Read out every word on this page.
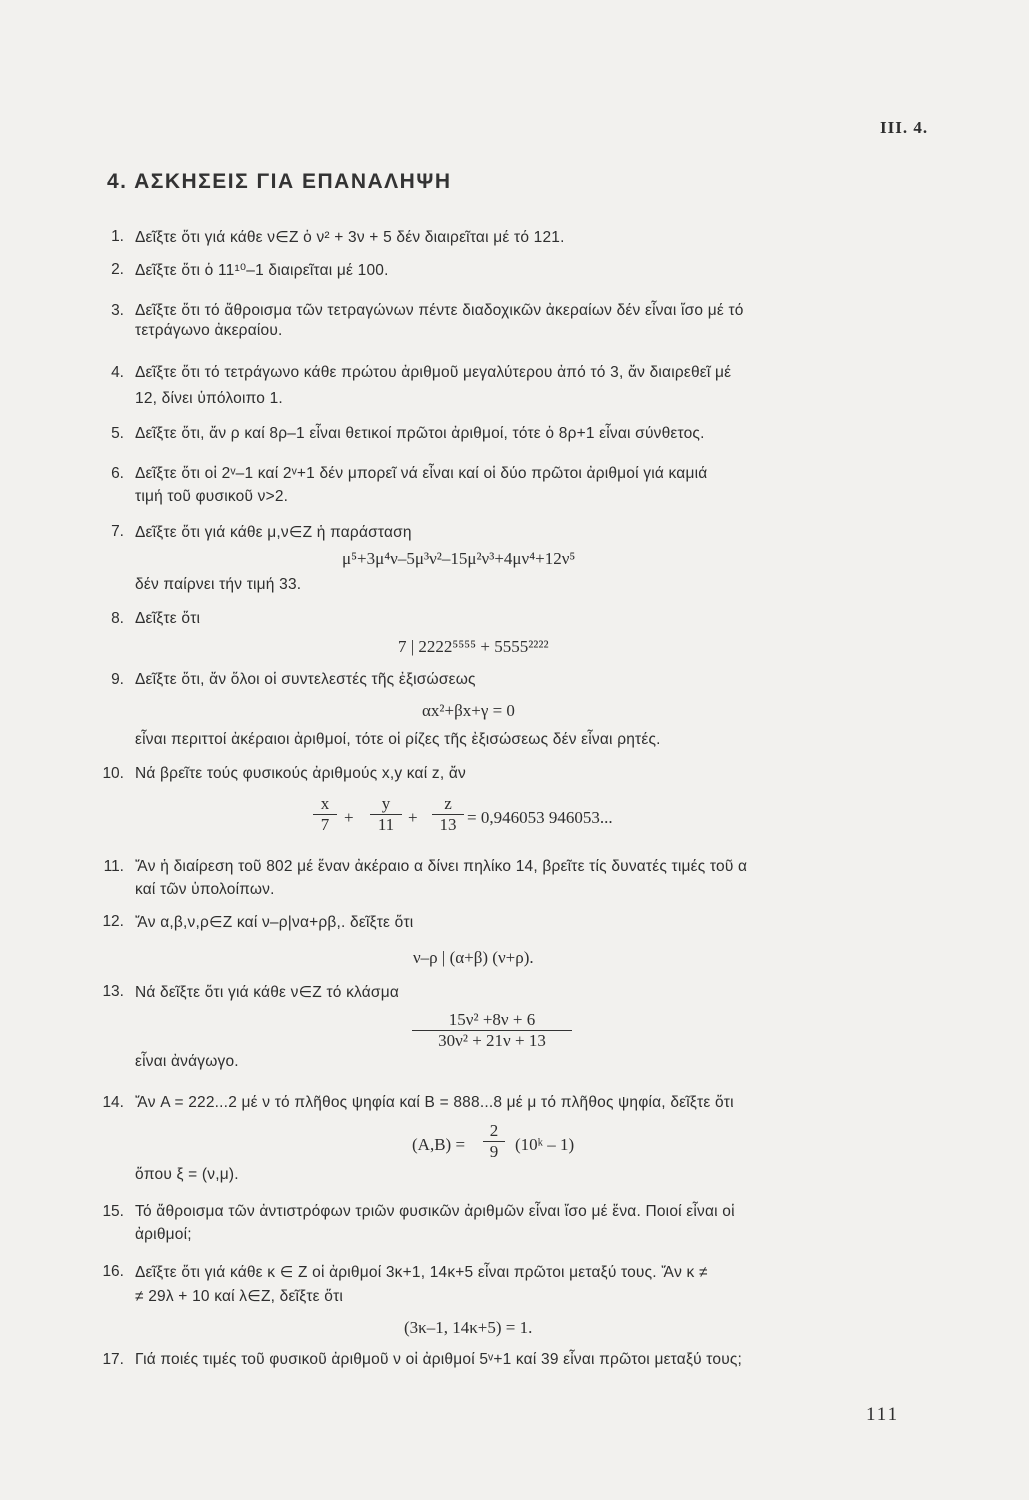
III. 4.
4. ΑΣΚΗΣΕΙΣ ΓΙΑ ΕΠΑΝΑΛΗΨΗ
1. Δεῖξτε ὅτι γιά κάθε ν∈Z ὁ ν² + 3ν + 5 δέν διαιρεῖται μέ τό 121.
2. Δεῖξτε ὅτι ὁ 11¹⁰–1 διαιρεῖται μέ 100.
3. Δεῖξτε ὅτι τό ἄθροισμα τῶν τετραγώνων πέντε διαδοχικῶν ἀκεραίων δέν εἶναι ἴσο μέ τό
τετράγωνο ἀκεραίου.
4. Δεῖξτε ὅτι τό τετράγωνο κάθε πρώτου ἀριθμοῦ μεγαλύτερου ἀπό τό 3, ἄν διαιρεθεῖ μέ
12, δίνει ὑπόλοιπο 1.
5. Δεῖξτε ὅτι, ἄν ρ καί 8ρ–1 εἶναι θετικοί πρῶτοι ἀριθμοί, τότε ὁ 8ρ+1 εἶναι σύνθετος.
6. Δεῖξτε ὅτι οἱ 2ᵛ–1 καί 2ᵛ+1 δέν μπορεῖ νά εἶναι καί οἱ δύο πρῶτοι ἀριθμοί γιά καμιά
τιμή τοῦ φυσικοῦ ν>2.
7. Δεῖξτε ὅτι γιά κάθε μ,ν∈Z ἡ παράσταση
μ⁵+3μ⁴ν–5μ³ν²–15μ²ν³+4μν⁴+12ν⁵
δέν παίρνει τήν τιμή 33.
8. Δεῖξτε ὅτι
7 | 2222⁵⁵⁵⁵ + 5555²²²²
9. Δεῖξτε ὅτι, ἄν ὅλοι οἱ συντελεστές τῆς ἐξισώσεως
αx²+βx+γ = 0
εἶναι περιττοί ἀκέραιοι ἀριθμοί, τότε οἱ ρίζες τῆς ἐξισώσεως δέν εἶναι ρητές.
10. Νά βρεῖτε τούς φυσικούς ἀριθμούς x,y καί z, ἄν
$\frac{x}{7} + \frac{y}{11} + \frac{z}{13} = 0,946053$ 946053...
11. Ἄν ἡ διαίρεση τοῦ 802 μέ ἕναν ἀκέραιο α δίνει πηλίκο 14, βρεῖτε τίς δυνατές τιμές τοῦ α
καί τῶν ὑπολοίπων.
12. Ἄν α,β,ν,ρ∈Z καί ν–ρ|να+ρβ,. δεῖξτε ὅτι
ν–ρ | (α+β) (ν+ρ).
13. Νά δεῖξτε ὅτι γιά κάθε ν∈Z τό κλάσμα
$\frac{\text{15ν² +8ν + 6}}{\text{30ν² + 21ν + 13}}$
εἶναι ἀνάγωγο.
14. Ἄν A = 222...2 μέ ν τό πλῆθος ψηφία καί B = 888...8 μέ μ τό πλῆθος ψηφία, δεῖξτε ὅτι
$(A,B) = \frac{2}{9}$ (10ᵏ – 1)
ὅπου ξ = (ν,μ).
15. Τό ἄθροισμα τῶν ἀντιστρόφων τριῶν φυσικῶν ἀριθμῶν εἶναι ἴσο μέ ἕνα. Ποιοί εἶναι οἱ
ἀριθμοί;
16. Δεῖξτε ὅτι γιά κάθε κ ∈ Z οἱ ἀριθμοί 3κ+1, 14κ+5 εἶναι πρῶτοι μεταξύ τους. Ἄν κ ≠
≠ 29λ + 10 καί λ∈Z, δεῖξτε ὅτι
(3κ–1, 14κ+5) = 1.
17. Γιά ποιές τιμές τοῦ φυσικοῦ ἀριθμοῦ ν οἱ ἀριθμοί 5ᵛ+1 καί 39 εἶναι πρῶτοι μεταξύ τους;
111
